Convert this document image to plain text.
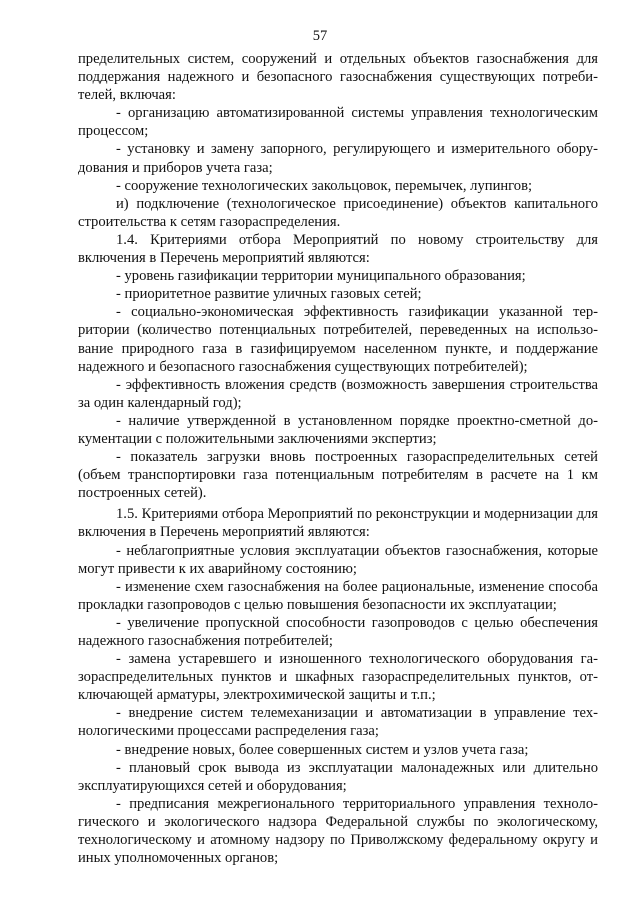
57

пределительных систем, сооружений и отдельных объектов газоснабжения для поддержания надежного и безопасного газоснабжения существующих потребителей, включая:

- организацию автоматизированной системы управления технологическим процессом;

- установку и замену запорного, регулирующего и измерительного оборудования и приборов учета газа;

- сооружение технологических закольцовок, перемычек, лупингов;

и) подключение (технологическое присоединение) объектов капитального строительства к сетям газораспределения.

1.4. Критериями отбора Мероприятий по новому строительству для включения в Перечень мероприятий являются:

- уровень газификации территории муниципального образования;

- приоритетное развитие уличных газовых сетей;

- социально-экономическая эффективность газификации указанной территории (количество потенциальных потребителей, переведенных на использование природного газа в газифицируемом населенном пункте, и поддержание надежного и безопасного газоснабжения существующих потребителей);

- эффективность вложения средств (возможность завершения строительства за один календарный год);

- наличие утвержденной в установленном порядке проектно-сметной документации с положительными заключениями экспертиз;

- показатель загрузки вновь построенных газораспределительных сетей (объем транспортировки газа потенциальным потребителям в расчете на 1 км построенных сетей).

1.5. Критериями отбора Мероприятий по реконструкции и модернизации для включения в Перечень мероприятий являются:

- неблагоприятные условия эксплуатации объектов газоснабжения, которые могут привести к их аварийному состоянию;

- изменение схем газоснабжения на более рациональные, изменение способа прокладки газопроводов с целью повышения безопасности их эксплуатации;

- увеличение пропускной способности газопроводов с целью обеспечения надежного газоснабжения потребителей;

- замена устаревшего и изношенного технологического оборудования газораспределительных пунктов и шкафных газораспределительных пунктов, отключающей арматуры, электрохимической защиты и т.п.;

- внедрение систем телемеханизации и автоматизации в управление технологическими процессами распределения газа;

- внедрение новых, более совершенных систем и узлов учета газа;

- плановый срок вывода из эксплуатации малонадежных или длительно эксплуатирующихся сетей и оборудования;

- предписания межрегионального территориального управления технологического и экологического надзора Федеральной службы по экологическому, технологическому и атомному надзору по Приволжскому федеральному округу и иных уполномоченных органов;
